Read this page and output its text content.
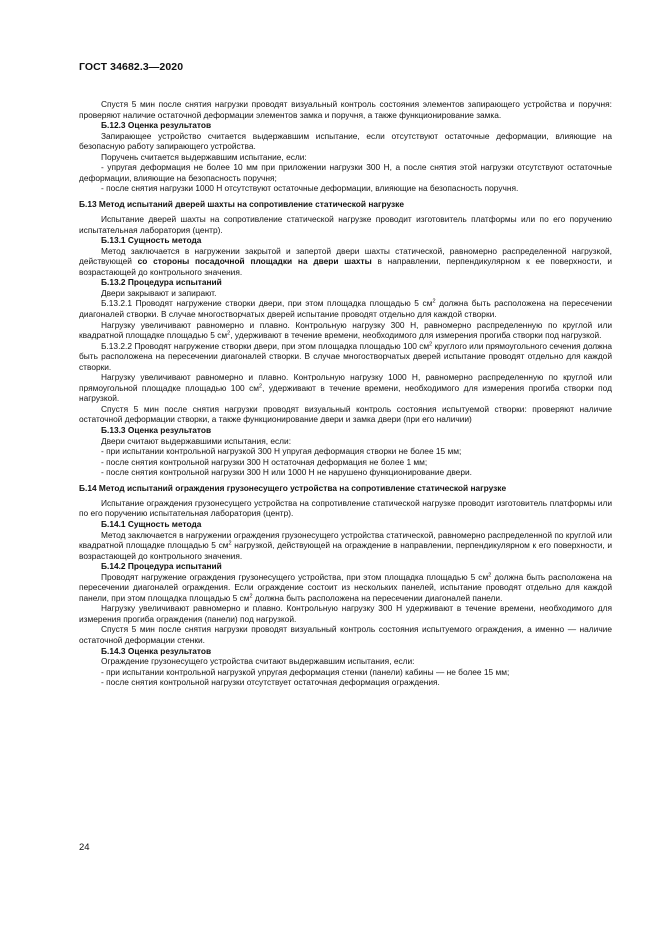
ГОСТ 34682.3—2020

Спустя 5 мин после снятия нагрузки проводят визуальный контроль состояния элементов запирающего устройства и поручня: проверяют наличие остаточной деформации элементов замка и поручня, а также функционирование замка.

Б.12.3 Оценка результатов

Запирающее устройство считается выдержавшим испытание, если отсутствуют остаточные деформации, влияющие на безопасную работу запирающего устройства.

Поручень считается выдержавшим испытание, если:

- упругая деформация не более 10 мм при приложении нагрузки 300 Н, а после снятия этой нагрузки отсутствуют остаточные деформации, влияющие на безопасность поручня;

- после снятия нагрузки 1000 Н отсутствуют остаточные деформации, влияющие на безопасность поручня.

Б.13 Метод испытаний дверей шахты на сопротивление статической нагрузке

Испытание дверей шахты на сопротивление статической нагрузке проводит изготовитель платформы или по его поручению испытательная лаборатория (центр).

Б.13.1 Сущность метода

Метод заключается в нагружении закрытой и запертой двери шахты статической, равномерно распределенной нагрузкой, действующей со стороны посадочной площадки на двери шахты в направлении, перпендикулярном к ее поверхности, и возрастающей до контрольного значения.

Б.13.2 Процедура испытаний

Двери закрывают и запирают.

Б.13.2.1 Проводят нагружение створки двери, при этом площадка площадью 5 $см^2$ должна быть расположена на пересечении диагоналей створки. В случае многостворчатых дверей испытание проводят отдельно для каждой створки.

Нагрузку увеличивают равномерно и плавно. Контрольную нагрузку 300 Н, равномерно распределенную по круглой или квадратной площадке площадью 5 $см^2$, удерживают в течение времени, необходимого для измерения прогиба створки под нагрузкой.

Б.13.2.2 Проводят нагружение створки двери, при этом площадка площадью 100 $см^2$ круглого или прямоугольного сечения должна быть расположена на пересечении диагоналей створки. В случае многостворчатых дверей испытание проводят отдельно для каждой створки.

Нагрузку увеличивают равномерно и плавно. Контрольную нагрузку 1000 Н, равномерно распределенную по круглой или прямоугольной площадке площадью 100 $см^2$, удерживают в течение времени, необходимого для измерения прогиба створки под нагрузкой.

Спустя 5 мин после снятия нагрузки проводят визуальный контроль состояния испытуемой створки: проверяют наличие остаточной деформации створки, а также функционирование двери и замка двери (при его наличии)

Б.13.3 Оценка результатов

Двери считают выдержавшими испытания, если:

- при испытании контрольной нагрузкой 300 Н упругая деформация створки не более 15 мм;

- после снятия контрольной нагрузки 300 Н остаточная деформация не более 1 мм;

- после снятия контрольной нагрузки 300 Н или 1000 Н не нарушено функционирование двери.

Б.14 Метод испытаний ограждения грузонесущего устройства на сопротивление статической нагрузке

Испытание ограждения грузонесущего устройства на сопротивление статической нагрузке проводит изготовитель платформы или по его поручению испытательная лаборатория (центр).

Б.14.1 Сущность метода

Метод заключается в нагружении ограждения грузонесущего устройства статической, равномерно распределенной по круглой или квадратной площадке площадью 5 $см^2$ нагрузкой, действующей на ограждение в направлении, перпендикулярном к его поверхности, и возрастающей до контрольного значения.

Б.14.2 Процедура испытаний

Проводят нагружение ограждения грузонесущего устройства, при этом площадка площадью 5 $см^2$ должна быть расположена на пересечении диагоналей ограждения. Если ограждение состоит из нескольких панелей, испытание проводят отдельно для каждой панели, при этом площадка площадью 5 $см^2$ должна быть расположена на пересечении диагоналей панели.

Нагрузку увеличивают равномерно и плавно. Контрольную нагрузку 300 Н удерживают в течение времени, необходимого для измерения прогиба ограждения (панели) под нагрузкой.

Спустя 5 мин после снятия нагрузки проводят визуальный контроль состояния испытуемого ограждения, а именно — наличие остаточной деформации стенки.

Б.14.3 Оценка результатов

Ограждение грузонесущего устройства считают выдержавшим испытания, если:

- при испытании контрольной нагрузкой упругая деформация стенки (панели) кабины — не более 15 мм;

- после снятия контрольной нагрузки отсутствует остаточная деформация ограждения.

24
